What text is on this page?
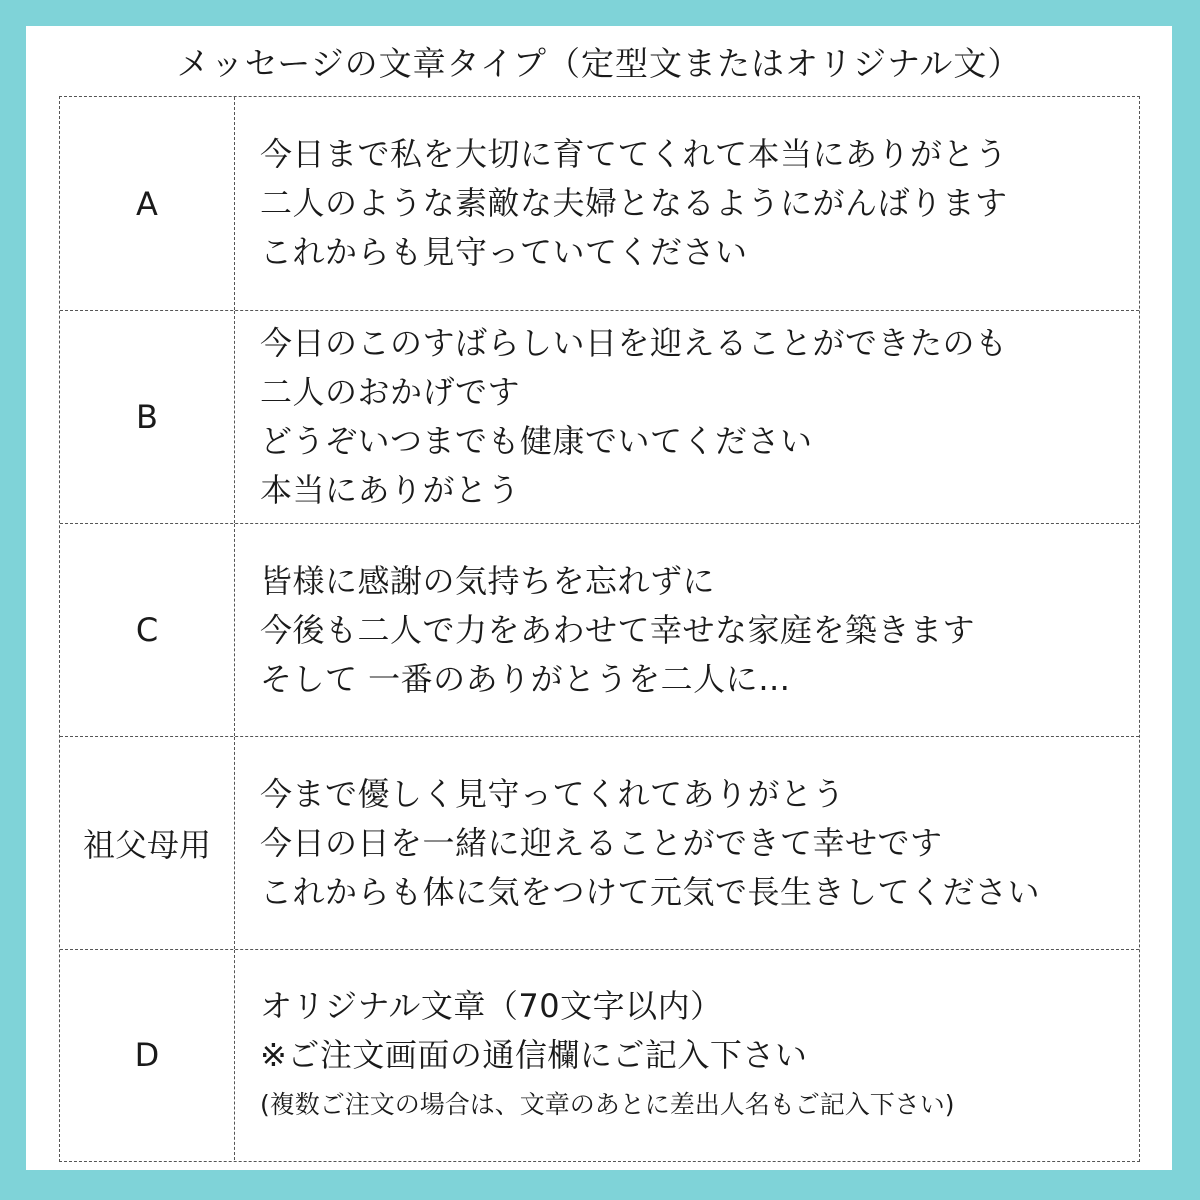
メッセージの文章タイプ（定型文またはオリジナル文）
A
今日まで私を大切に育ててくれて本当にありがとう
二人のような素敵な夫婦となるようにがんばります
これからも見守っていてください
B
今日のこのすばらしい日を迎えることができたのも
二人のおかげです
どうぞいつまでも健康でいてください
本当にありがとう
C
皆様に感謝の気持ちを忘れずに
今後も二人で力をあわせて幸せな家庭を築きます
そして 一番のありがとうを二人に…
祖父母用
今まで優しく見守ってくれてありがとう
今日の日を一緒に迎えることができて幸せです
これからも体に気をつけて元気で長生きしてください
D
オリジナル文章（70文字以内）
※ご注文画面の通信欄にご記入下さい
(複数ご注文の場合は、文章のあとに差出人名もご記入下さい)
